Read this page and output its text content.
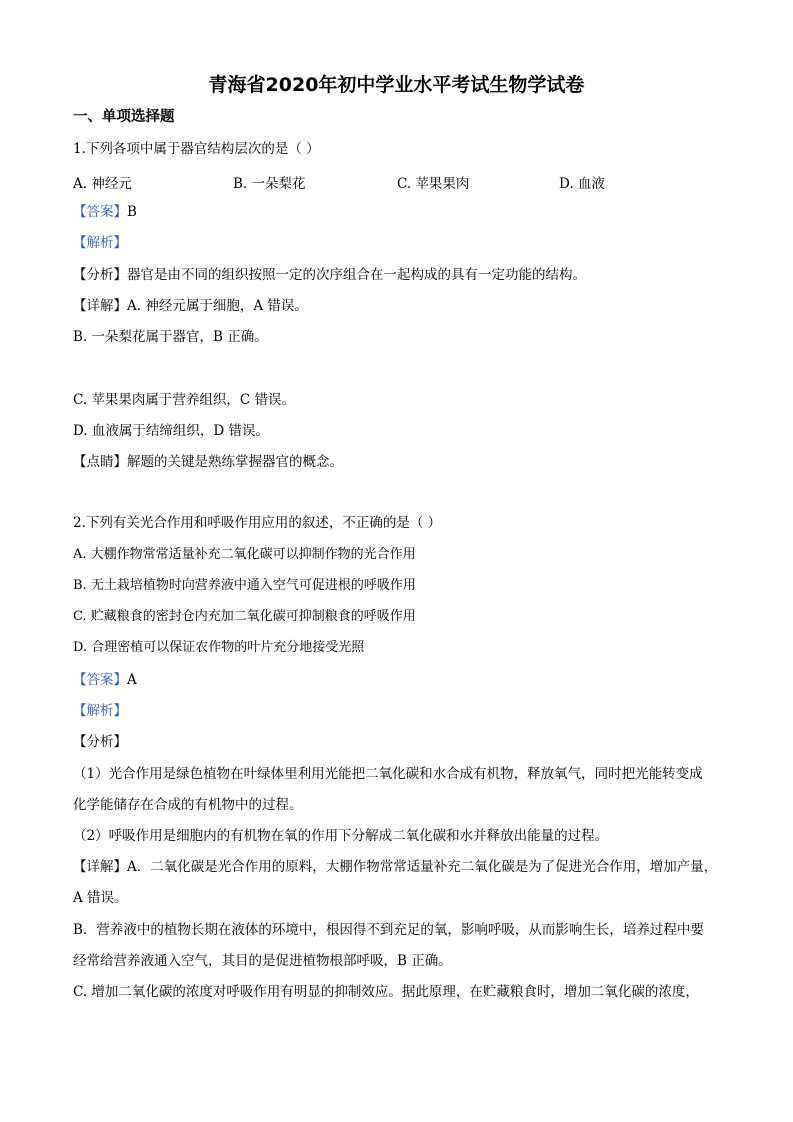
青海省2020年初中学业水平考试生物学试卷
一、单项选择题
1.下列各项中属于器官结构层次的是（ ）
A. 神经元	B. 一朵梨花	C. 苹果果肉	D. 血液
【答案】B
【解析】
【分析】器官是由不同的组织按照一定的次序组合在一起构成的具有一定功能的结构。
【详解】A. 神经元属于细胞，A 错误。
B. 一朵梨花属于器官，B 正确。
C. 苹果果肉属于营养组织，C 错误。
D. 血液属于结缔组织，D 错误。
【点睛】解题的关键是熟练掌握器官的概念。
2.下列有关光合作用和呼吸作用应用的叙述，不正确的是（ ）
A. 大棚作物常常适量补充二氧化碳可以抑制作物的光合作用
B. 无土栽培植物时向营养液中通入空气可促进根的呼吸作用
C. 贮藏粮食的密封仓内充加二氧化碳可抑制粮食的呼吸作用
D. 合理密植可以保证农作物的叶片充分地接受光照
【答案】A
【解析】
【分析】
（1）光合作用是绿色植物在叶绿体里利用光能把二氧化碳和水合成有机物，释放氧气，同时把光能转变成
化学能储存在合成的有机物中的过程。
（2）呼吸作用是细胞内的有机物在氧的作用下分解成二氧化碳和水并释放出能量的过程。
【详解】A．二氧化碳是光合作用的原料，大棚作物常常适量补充二氧化碳是为了促进光合作用，增加产量，
A 错误。
B．营养液中的植物长期在液体的环境中，根因得不到充足的氧，影响呼吸，从而影响生长，培养过程中要
经常给营养液通入空气，其目的是促进植物根部呼吸，B 正确。
C. 增加二氧化碳的浓度对呼吸作用有明显的抑制效应。据此原理，在贮藏粮食时，增加二氧化碳的浓度，
